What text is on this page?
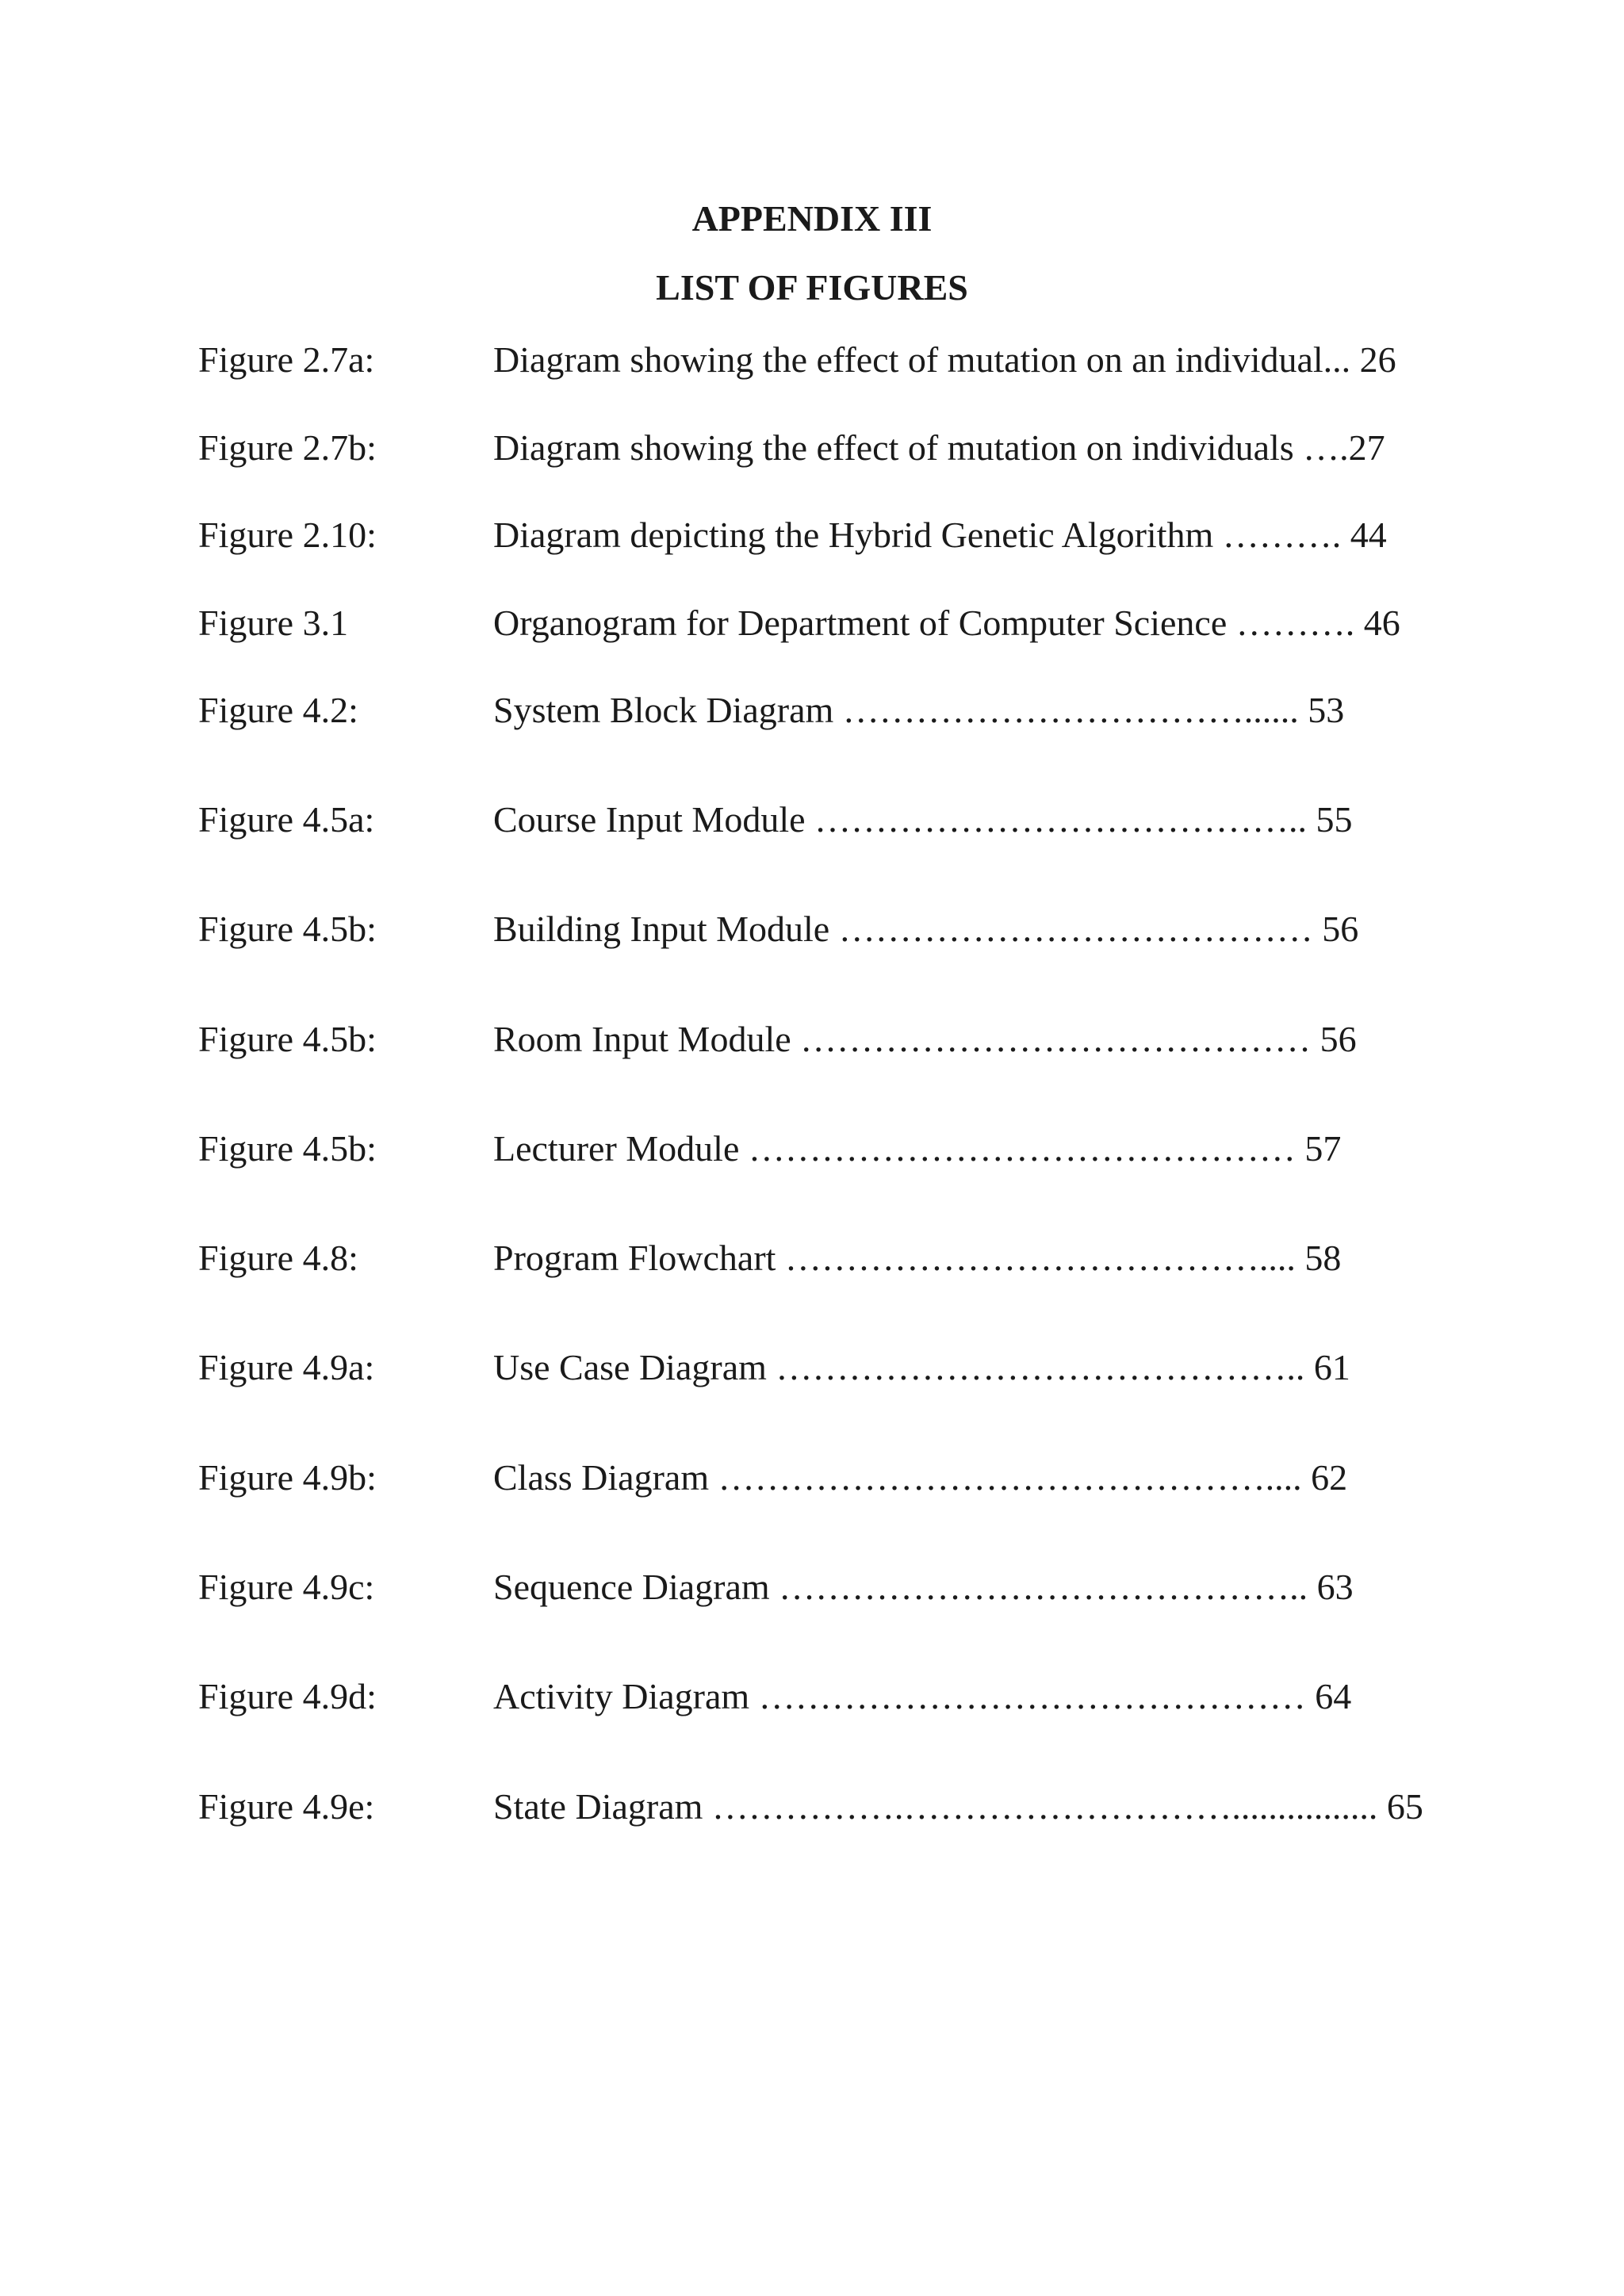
APPENDIX III
LIST OF FIGURES
Figure 2.7a:	Diagram showing the effect of mutation on an individual... 26
Figure 2.7b:	Diagram showing the effect of mutation on individuals ….27
Figure 2.10:	Diagram depicting the Hybrid Genetic Algorithm ………. 44
Figure 3.1	Organogram for Department of Computer Science ………. 46
Figure 4.2:	System Block Diagram ……………………………...... 53
Figure 4.5a:	Course Input Module ………………………………….. 55
Figure 4.5b:	Building Input Module ………………………………… 56
Figure 4.5b:	Room Input Module …………………………………… 56
Figure 4.5b:	Lecturer Module ……………………………………… 57
Figure 4.8:	Program Flowchart ………………………………….... 58
Figure 4.9a:	Use Case Diagram …………………………………….. 61
Figure 4.9b:	Class Diagram ……………………………………….... 62
Figure 4.9c:	Sequence Diagram …………………………………….. 63
Figure 4.9d:	Activity Diagram ……………………………………… 64
Figure 4.9e:	State Diagram …………….………………………................ 65
